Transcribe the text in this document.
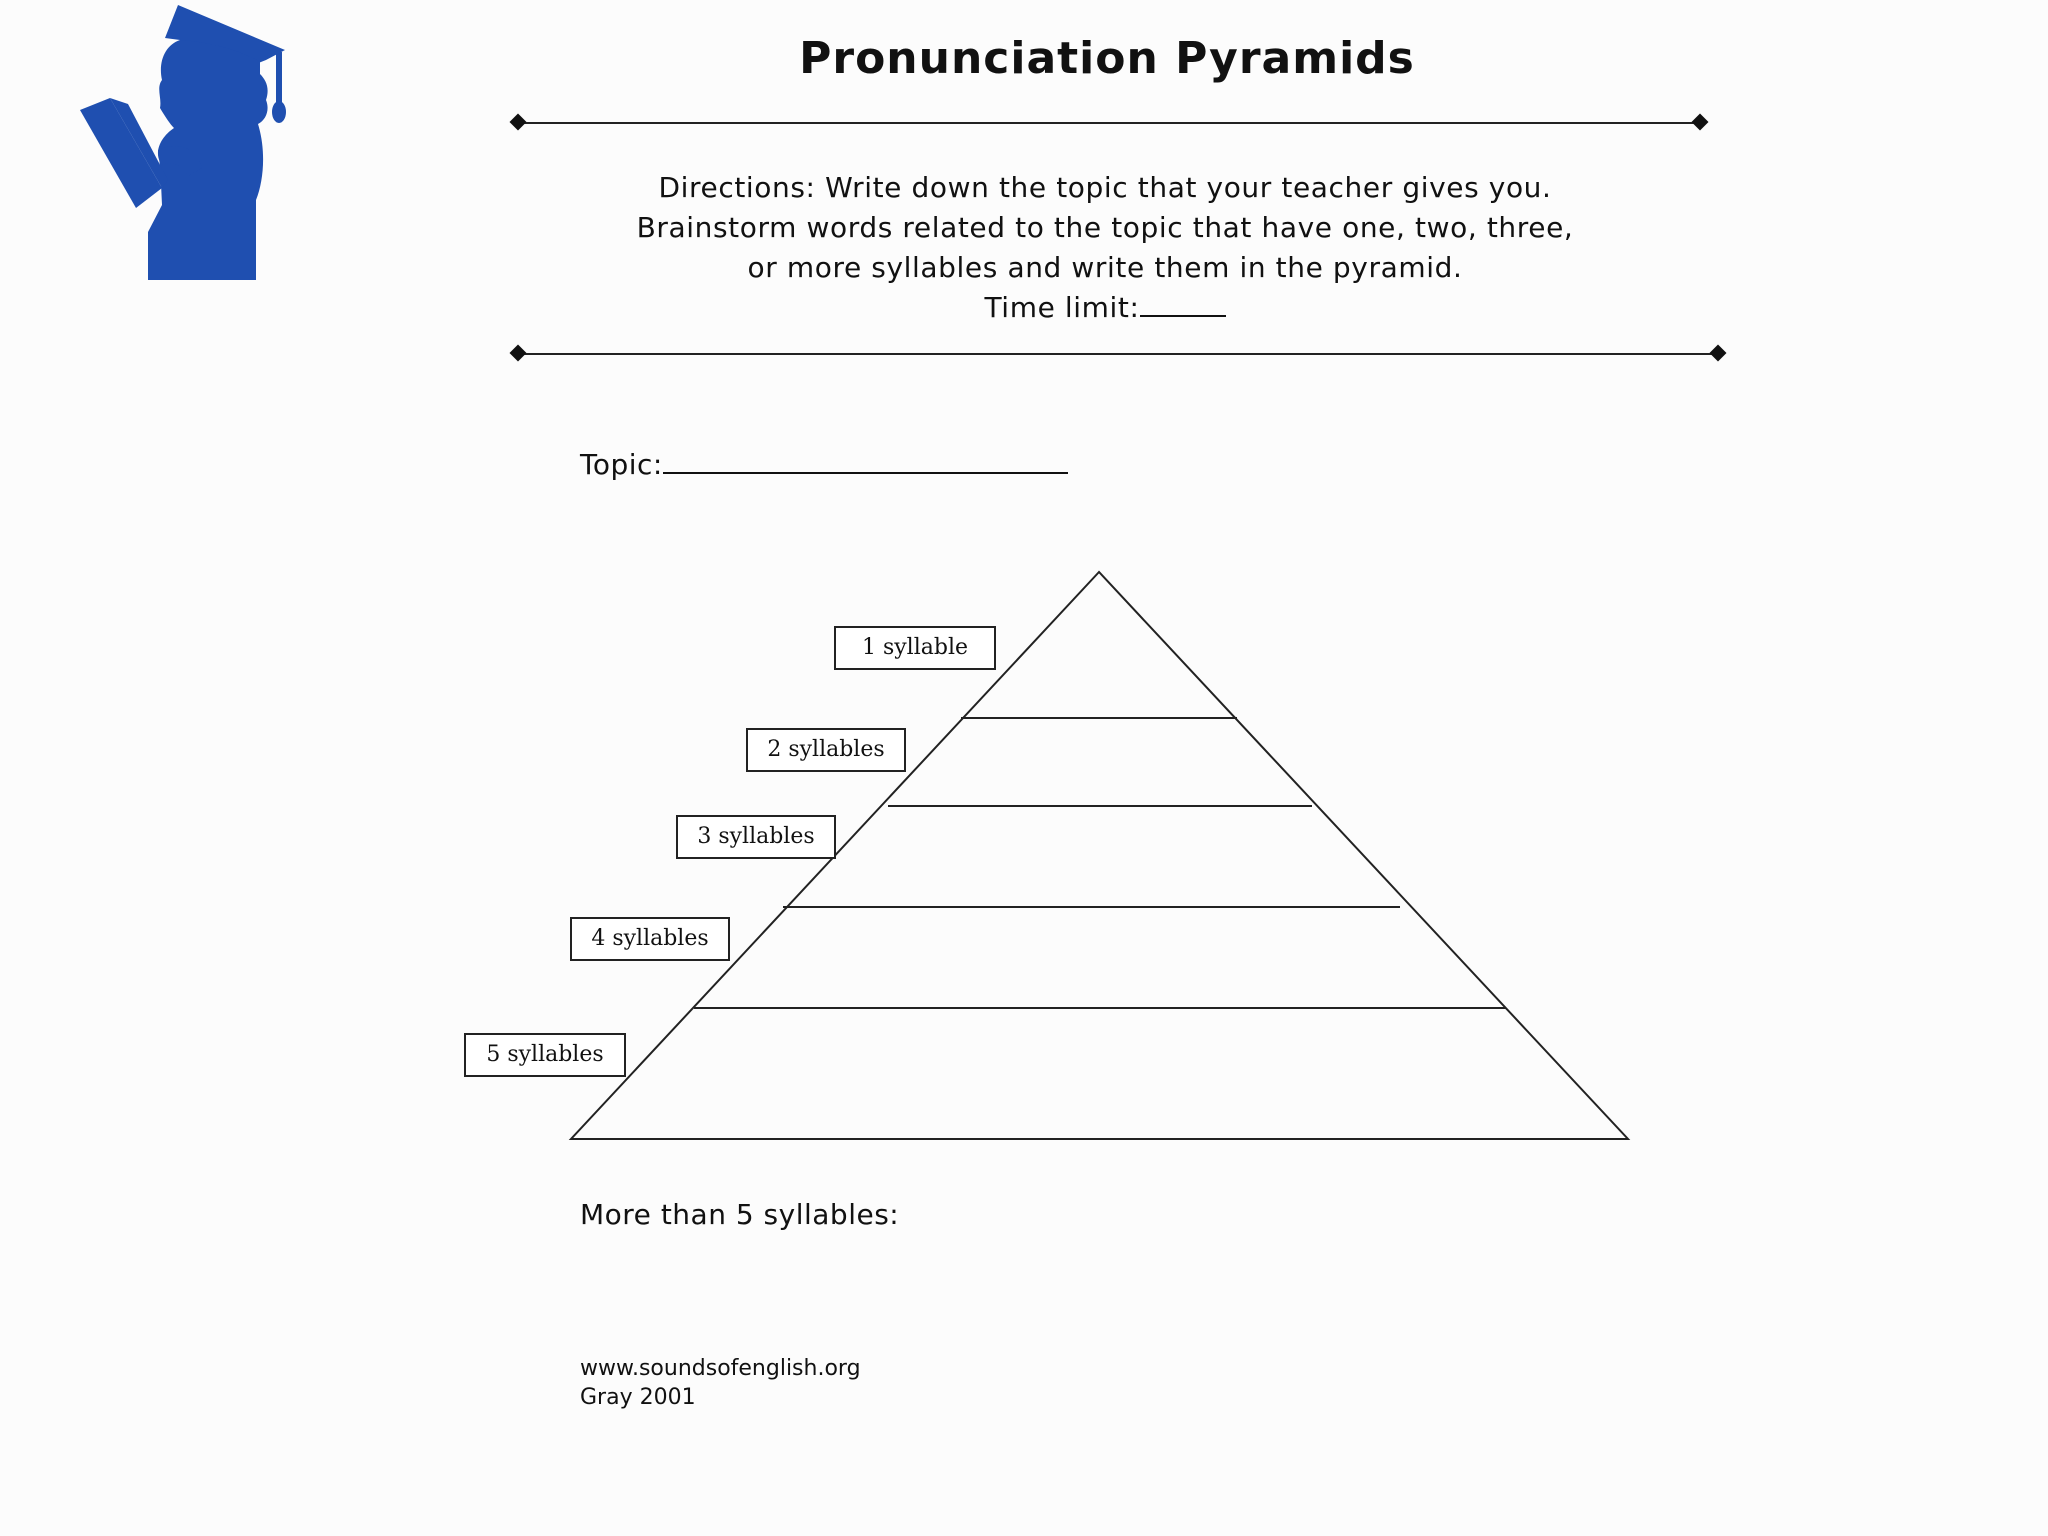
Pronunciation Pyramids
Directions: Write down the topic that your teacher gives you.
Brainstorm words related to the topic that have one, two, three,
or more syllables and write them in the pyramid.
Time limit:
Topic:
1 syllable
2 syllables
3 syllables
4 syllables
5 syllables
More than 5 syllables:
www.soundsofenglish.org
Gray 2001
